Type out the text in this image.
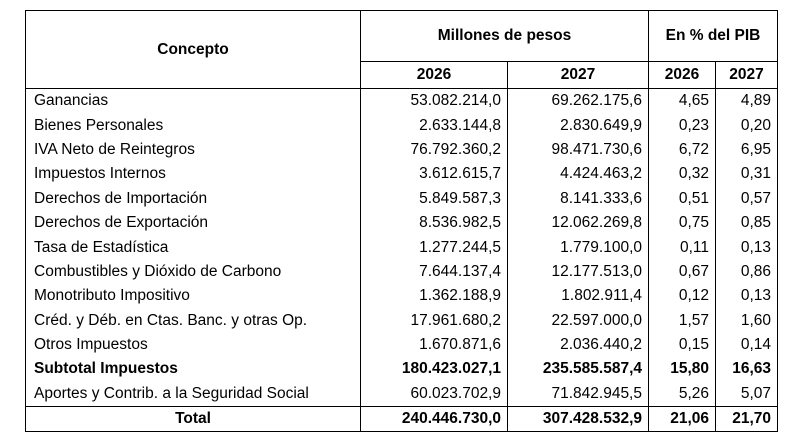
Concepto	Millones de pesos		En % del PIB	
	2026	2027	2026	2027
Ganancias	53.082.214,0	69.262.175,6	4,65	4,89
Bienes Personales	2.633.144,8	2.830.649,9	0,23	0,20
IVA Neto de Reintegros	76.792.360,2	98.471.730,6	6,72	6,95
Impuestos Internos	3.612.615,7	4.424.463,2	0,32	0,31
Derechos de Importación	5.849.587,3	8.141.333,6	0,51	0,57
Derechos de Exportación	8.536.982,5	12.062.269,8	0,75	0,85
Tasa de Estadística	1.277.244,5	1.779.100,0	0,11	0,13
Combustibles y Dióxido de Carbono	7.644.137,4	12.177.513,0	0,67	0,86
Monotributo Impositivo	1.362.188,9	1.802.911,4	0,12	0,13
Créd. y Déb. en Ctas. Banc. y otras Op.	17.961.680,2	22.597.000,0	1,57	1,60
Otros Impuestos	1.670.871,6	2.036.440,2	0,15	0,14
Subtotal Impuestos	180.423.027,1	235.585.587,4	15,80	16,63
Aportes y Contrib. a la Seguridad Social	60.023.702,9	71.842.945,5	5,26	5,07
Total	240.446.730,0	307.428.532,9	21,06	21,70
